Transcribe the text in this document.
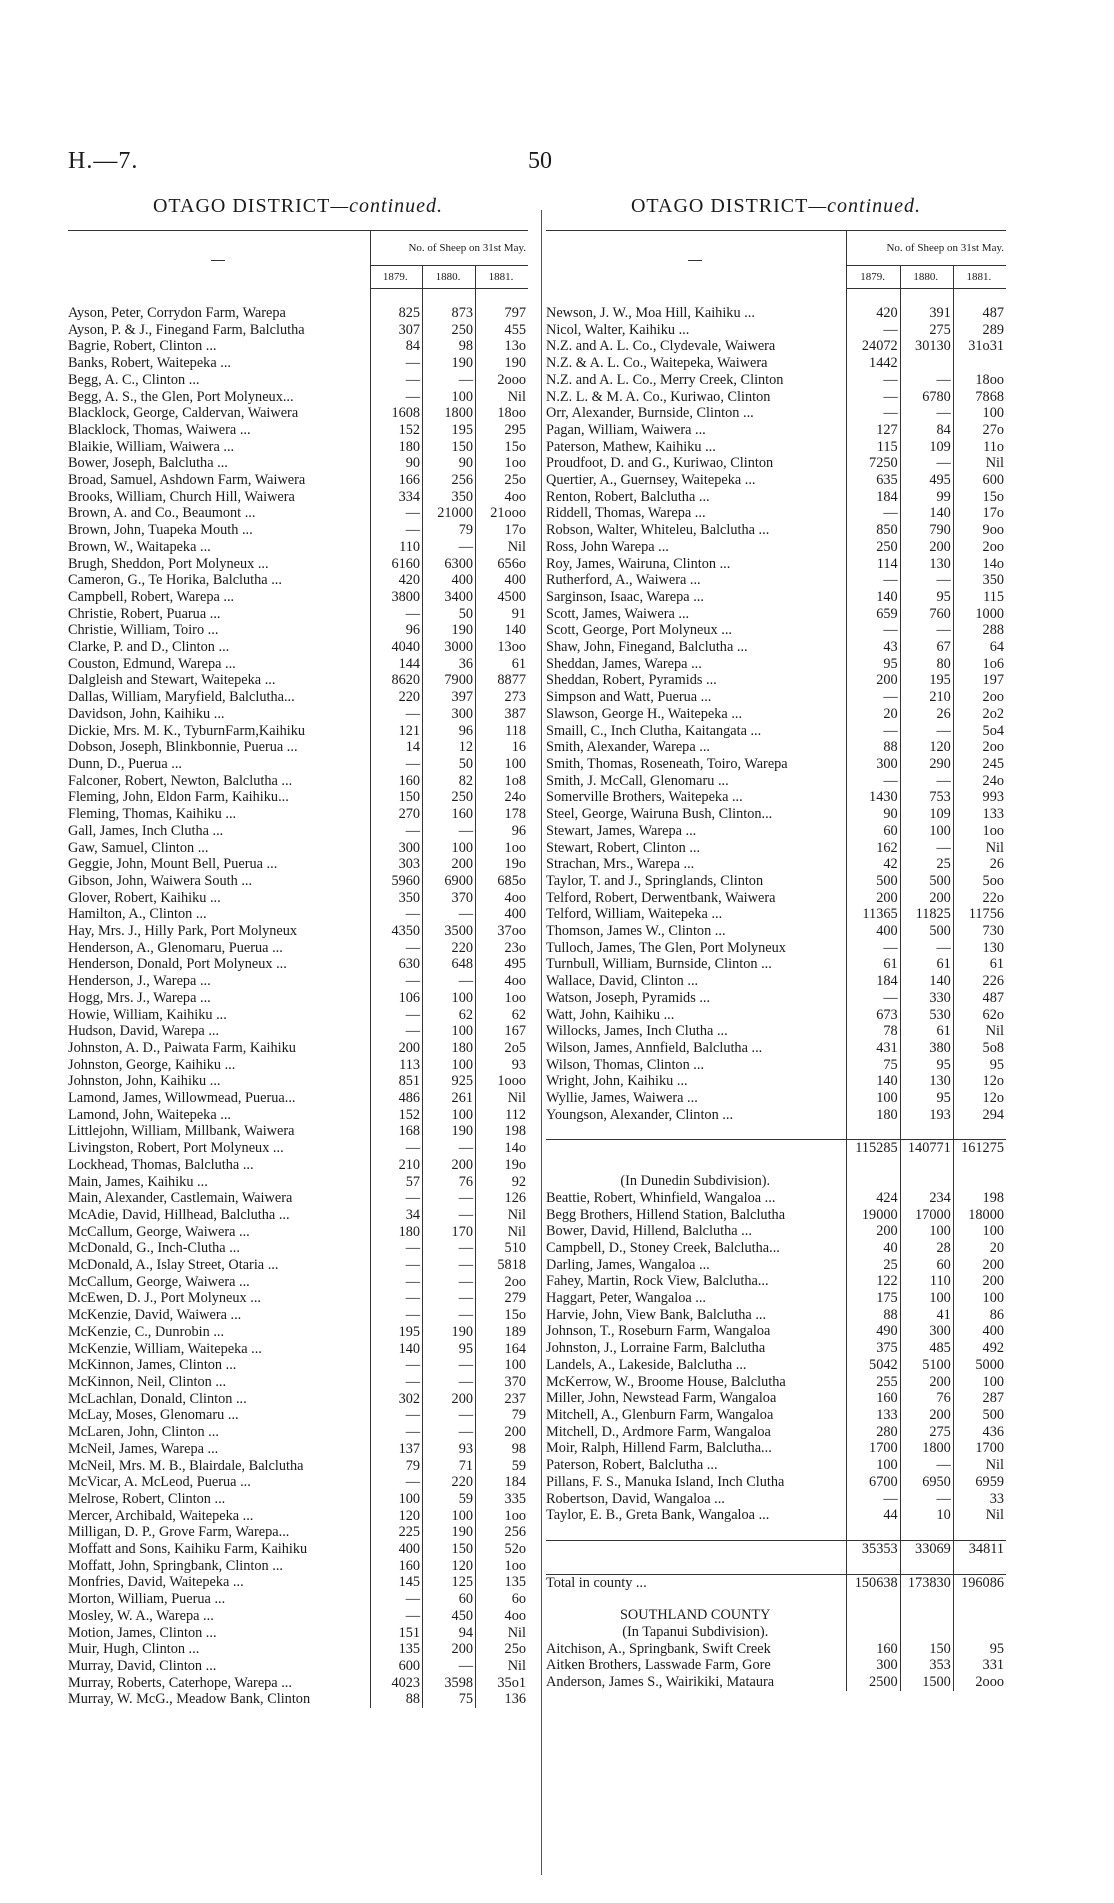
H.—7.	50
OTAGO DISTRICT—continued.
	No. of Sheep on 31st May.		
	1879.	1880.	1881.

Ayson, Peter, Corrydon Farm, Warepa	825	873	797
Ayson, P. & J., Finegand Farm, Balclutha	307	250	455
Bagrie, Robert, Clinton ...	84	98	13o
Banks, Robert, Waitepeka ...	—	190	190
Begg, A. C., Clinton ...	—	—	2ooo
Begg, A. S., the Glen, Port Molyneux...	—	100	Nil
Blacklock, George, Caldervan, Waiwera	1608	1800	18oo
Blacklock, Thomas, Waiwera ...	152	195	295
Blaikie, William, Waiwera ...	180	150	15o
Bower, Joseph, Balclutha ...	90	90	1oo
Broad, Samuel, Ashdown Farm, Waiwera	166	256	25o
Brooks, William, Church Hill, Waiwera	334	350	4oo
Brown, A. and Co., Beaumont ...	—	21000	21ooo
Brown, John, Tuapeka Mouth ...	—	79	17o
Brown, W., Waitapeka ...	110	—	Nil
Brugh, Sheddon, Port Molyneux ...	6160	6300	656o
Cameron, G., Te Horika, Balclutha ...	420	400	400
Campbell, Robert, Warepa ...	3800	3400	4500
Christie, Robert, Puarua ...	—	50	91
Christie, William, Toiro ...	96	190	140
Clarke, P. and D., Clinton ...	4040	3000	13oo
Couston, Edmund, Warepa ...	144	36	61
Dalgleish and Stewart, Waitepeka ...	8620	7900	8877
Dallas, William, Maryfield, Balclutha...	220	397	273
Davidson, John, Kaihiku ...	—	300	387
Dickie, Mrs. M. K., TyburnFarm,Kaihiku	121	96	118
Dobson, Joseph, Blinkbonnie, Puerua ...	14	12	16
Dunn, D., Puerua ...	—	50	100
Falconer, Robert, Newton, Balclutha ...	160	82	1o8
Fleming, John, Eldon Farm, Kaihiku...	150	250	24o
Fleming, Thomas, Kaihiku ...	270	160	178
Gall, James, Inch Clutha ...	—	—	96
Gaw, Samuel, Clinton ...	300	100	1oo
Geggie, John, Mount Bell, Puerua ...	303	200	19o
Gibson, John, Waiwera South ...	5960	6900	685o
Glover, Robert, Kaihiku ...	350	370	4oo
Hamilton, A., Clinton ...	—	—	400
Hay, Mrs. J., Hilly Park, Port Molyneux	4350	3500	37oo
Henderson, A., Glenomaru, Puerua ...	—	220	23o
Henderson, Donald, Port Molyneux ...	630	648	495
Henderson, J., Warepa ...	—	—	4oo
Hogg, Mrs. J., Warepa ...	106	100	1oo
Howie, William, Kaihiku ...	—	62	62
Hudson, David, Warepa ...	—	100	167
Johnston, A. D., Paiwata Farm, Kaihiku	200	180	2o5
Johnston, George, Kaihiku ...	113	100	93
Johnston, John, Kaihiku ...	851	925	1ooo
Lamond, James, Willowmead, Puerua...	486	261	Nil
Lamond, John, Waitepeka ...	152	100	112
Littlejohn, William, Millbank, Waiwera	168	190	198
Livingston, Robert, Port Molyneux ...	—	—	14o
Lockhead, Thomas, Balclutha ...	210	200	19o
Main, James, Kaihiku ...	57	76	92
Main, Alexander, Castlemain, Waiwera	—	—	126
McAdie, David, Hillhead, Balclutha ...	34	—	Nil
McCallum, George, Waiwera ...	180	170	Nil
McDonald, G., Inch-Clutha ...	—	—	510
McDonald, A., Islay Street, Otaria ...	—	—	5818
McCallum, George, Waiwera ...	—	—	2oo
McEwen, D. J., Port Molyneux ...	—	—	279
McKenzie, David, Waiwera ...	—	—	15o
McKenzie, C., Dunrobin ...	195	190	189
McKenzie, William, Waitepeka ...	140	95	164
McKinnon, James, Clinton ...	—	—	100
McKinnon, Neil, Clinton ...	—	—	370
McLachlan, Donald, Clinton ...	302	200	237
McLay, Moses, Glenomaru ...	—	—	79
McLaren, John, Clinton ...	—	—	200
McNeil, James, Warepa ...	137	93	98
McNeil, Mrs. M. B., Blairdale, Balclutha	79	71	59
McVicar, A. McLeod, Puerua ...	—	220	184
Melrose, Robert, Clinton ...	100	59	335
Mercer, Archibald, Waitepeka ...	120	100	1oo
Milligan, D. P., Grove Farm, Warepa...	225	190	256
Moffatt and Sons, Kaihiku Farm, Kaihiku	400	150	52o
Moffatt, John, Springbank, Clinton ...	160	120	1oo
Monfries, David, Waitepeka ...	145	125	135
Morton, William, Puerua ...	—	60	6o
Mosley, W. A., Warepa ...	—	450	4oo
Motion, James, Clinton ...	151	94	Nil
Muir, Hugh, Clinton ...	135	200	25o
Murray, David, Clinton ...	600	—	Nil
Murray, Roberts, Caterhope, Warepa ...	4023	3598	35o1
Murray, W. McG., Meadow Bank, Clinton	88	75	136
OTAGO DISTRICT—continued.
	No. of Sheep on 31st May.		
	1879.	1880.	1881.

Newson, J. W., Moa Hill, Kaihiku ...	420	391	487
Nicol, Walter, Kaihiku ...	—	275	289
N.Z. and A. L. Co., Clydevale, Waiwera	24072	30130	31o31
N.Z. & A. L. Co., Waitepeka, Waiwera	1442		
N.Z. and A. L. Co., Merry Creek, Clinton	—	—	18oo
N.Z. L. & M. A. Co., Kuriwao, Clinton	—	6780	7868
Orr, Alexander, Burnside, Clinton ...	—	—	100
Pagan, William, Waiwera ...	127	84	27o
Paterson, Mathew, Kaihiku ...	115	109	11o
Proudfoot, D. and G., Kuriwao, Clinton	7250	—	Nil
Quertier, A., Guernsey, Waitepeka ...	635	495	600
Renton, Robert, Balclutha ...	184	99	15o
Riddell, Thomas, Warepa ...	—	140	17o
Robson, Walter, Whiteleu, Balclutha ...	850	790	9oo
Ross, John Warepa ...	250	200	2oo
Roy, James, Wairuna, Clinton ...	114	130	14o
Rutherford, A., Waiwera ...	—	—	350
Sarginson, Isaac, Warepa ...	140	95	115
Scott, James, Waiwera ...	659	760	1000
Scott, George, Port Molyneux ...	—	—	288
Shaw, John, Finegand, Balclutha ...	43	67	64
Sheddan, James, Warepa ...	95	80	1o6
Sheddan, Robert, Pyramids ...	200	195	197
Simpson and Watt, Puerua ...	—	210	2oo
Slawson, George H., Waitepeka ...	20	26	2o2
Smaill, C., Inch Clutha, Kaitangata ...	—	—	5o4
Smith, Alexander, Warepa ...	88	120	2oo
Smith, Thomas, Roseneath, Toiro, Warepa	300	290	245
Smith, J. McCall, Glenomaru ...	—	—	24o
Somerville Brothers, Waitepeka ...	1430	753	993
Steel, George, Wairuna Bush, Clinton...	90	109	133
Stewart, James, Warepa ...	60	100	1oo
Stewart, Robert, Clinton ...	162	—	Nil
Strachan, Mrs., Warepa ...	42	25	26
Taylor, T. and J., Springlands, Clinton	500	500	5oo
Telford, Robert, Derwentbank, Waiwera	200	200	22o
Telford, William, Waitepeka ...	11365	11825	11756
Thomson, James W., Clinton ...	400	500	730
Tulloch, James, The Glen, Port Molyneux	—	—	130
Turnbull, William, Burnside, Clinton ...	61	61	61
Wallace, David, Clinton ...	184	140	226
Watson, Joseph, Pyramids ...	—	330	487
Watt, John, Kaihiku ...	673	530	62o
Willocks, James, Inch Clutha ...	78	61	Nil
Wilson, James, Annfield, Balclutha ...	431	380	5o8
Wilson, Thomas, Clinton ...	75	95	95
Wright, John, Kaihiku ...	140	130	12o
Wyllie, James, Waiwera ...	100	95	12o
Youngson, Alexander, Clinton ...	180	193	294

	115285	140771	161275

(In Dunedin Subdivision).			
Beattie, Robert, Whinfield, Wangaloa ...	424	234	198
Begg Brothers, Hillend Station, Balclutha	19000	17000	18000
Bower, David, Hillend, Balclutha ...	200	100	100
Campbell, D., Stoney Creek, Balclutha...	40	28	20
Darling, James, Wangaloa ...	25	60	200
Fahey, Martin, Rock View, Balclutha...	122	110	200
Haggart, Peter, Wangaloa ...	175	100	100
Harvie, John, View Bank, Balclutha ...	88	41	86
Johnson, T., Roseburn Farm, Wangaloa	490	300	400
Johnston, J., Lorraine Farm, Balclutha	375	485	492
Landels, A., Lakeside, Balclutha ...	5042	5100	5000
McKerrow, W., Broome House, Balclutha	255	200	100
Miller, John, Newstead Farm, Wangaloa	160	76	287
Mitchell, A., Glenburn Farm, Wangaloa	133	200	500
Mitchell, D., Ardmore Farm, Wangaloa	280	275	436
Moir, Ralph, Hillend Farm, Balclutha...	1700	1800	1700
Paterson, Robert, Balclutha ...	100	—	Nil
Pillans, F. S., Manuka Island, Inch Clutha	6700	6950	6959
Robertson, David, Wangaloa ...	—	—	33
Taylor, E. B., Greta Bank, Wangaloa ...	44	10	Nil

	35353	33069	34811

Total in county ...	150638	173830	196086

SOUTHLAND COUNTY			
(In Tapanui Subdivision).			
Aitchison, A., Springbank, Swift Creek	160	150	95
Aitken Brothers, Lasswade Farm, Gore	300	353	331
Anderson, James S., Wairikiki, Mataura	2500	1500	2ooo
